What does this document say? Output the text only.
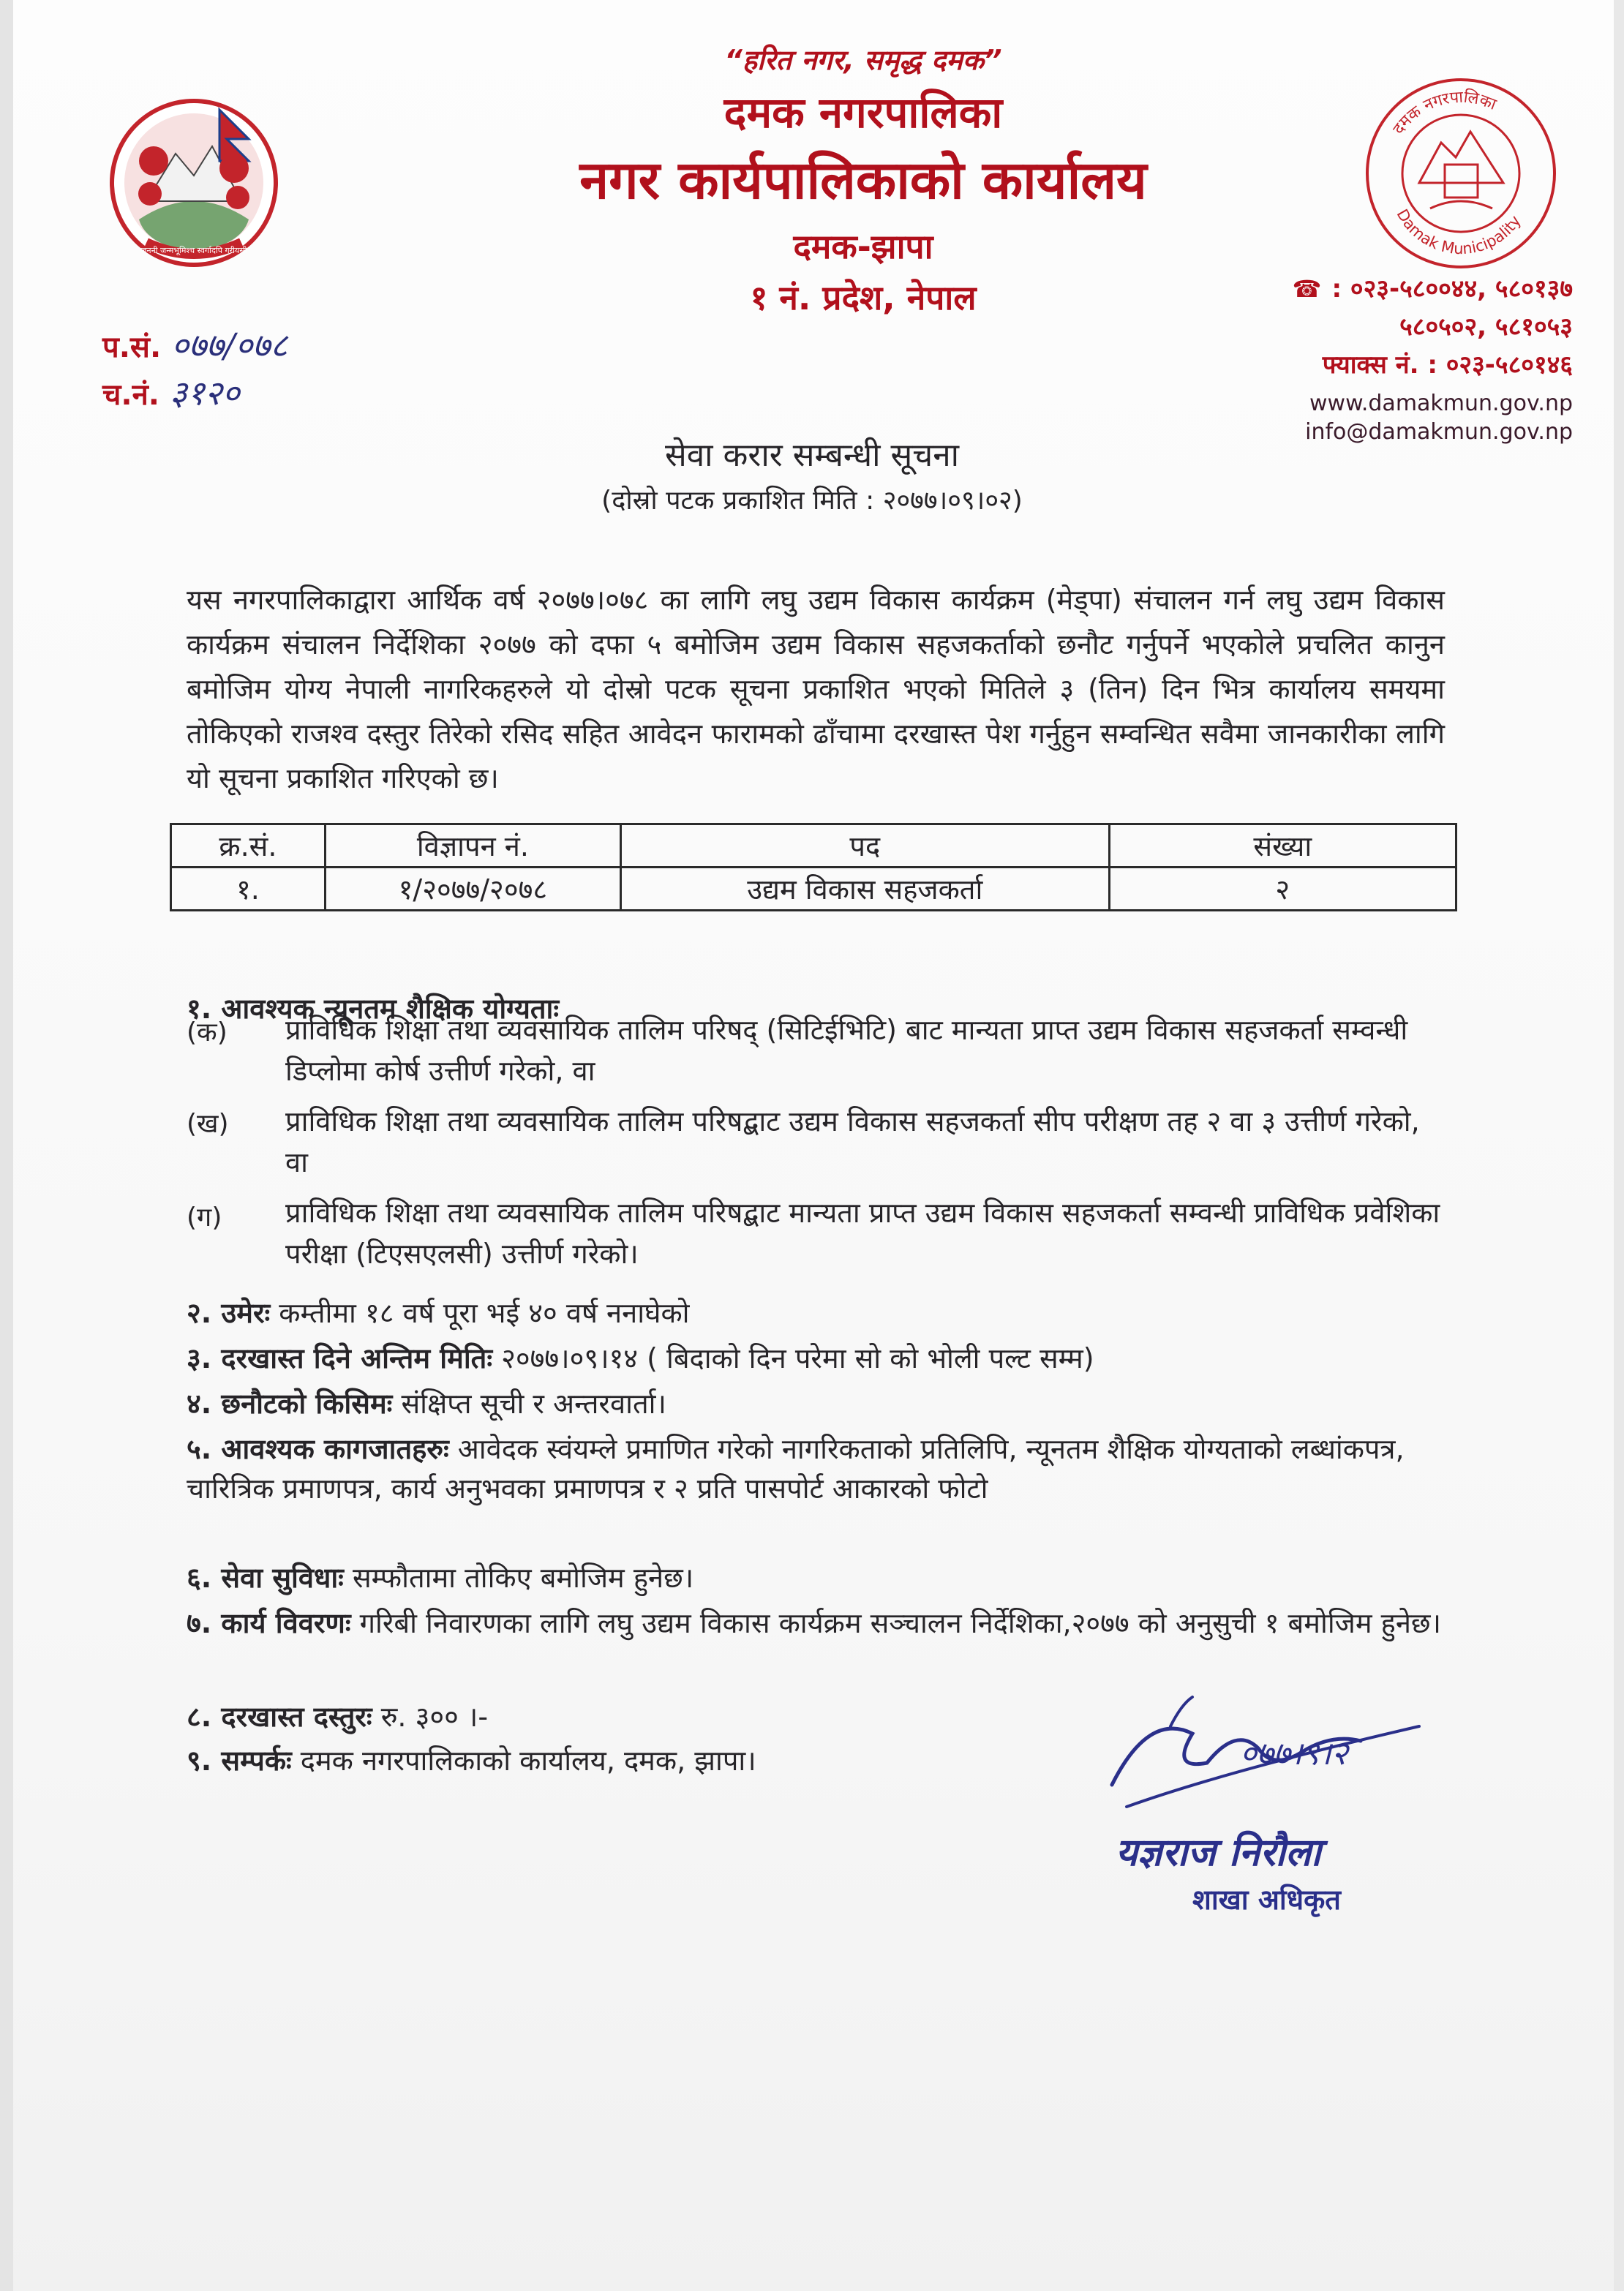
जननी जन्मभूमिश्च स्वर्गादपि गरीयसी
दमक नगरपालिका
Damak Municipality
“हरित नगर, समृद्ध दमक”
दमक नगरपालिका
नगर कार्यपालिकाको कार्यालय
दमक-झापा
१ नं. प्रदेश, नेपाल	☎ : ०२३-५८००४४, ५८०१३७
५८०५०२, ५८१०५३
फ्याक्स नं. : ०२३-५८०१४६
www.damakmun.gov.np
info@damakmun.gov.np
प.सं. ०७७/०७८
च.नं. ३१२०
सेवा करार सम्बन्धी सूचना
(दोस्रो पटक प्रकाशित मिति : २०७७।०९।०२)
यस नगरपालिकाद्वारा आर्थिक वर्ष २०७७।०७८ का लागि लघु उद्यम विकास कार्यक्रम (मेड्पा) संचालन गर्न लघु उद्यम विकास कार्यक्रम संचालन निर्देशिका २०७७ को दफा ५ बमोजिम उद्यम विकास सहजकर्ताको छनौट गर्नुपर्ने भएकोले प्रचलित कानुन बमोजिम योग्य नेपाली नागरिकहरुले यो दोस्रो पटक सूचना प्रकाशित भएको मितिले ३ (तिन) दिन भित्र कार्यालय समयमा तोकिएको राजश्व दस्तुर तिरेको रसिद सहित आवेदन फारामको ढाँचामा दरखास्त पेश गर्नुहुन सम्वन्धित सवैमा जानकारीका लागि यो सूचना प्रकाशित गरिएको छ।
क्र.सं.	विज्ञापन नं.	पद	संख्या
१.	१/२०७७/२०७८	उद्यम विकास सहजकर्ता	२
१. आवश्यक न्यूनतम शैक्षिक योग्यताः
(क) प्राविधिक शिक्षा तथा व्यवसायिक तालिम परिषद् (सिटिईभिटि) बाट मान्यता प्राप्त उद्यम विकास सहजकर्ता सम्वन्धी डिप्लोमा कोर्ष उत्तीर्ण गरेको, वा
(ख) प्राविधिक शिक्षा तथा व्यवसायिक तालिम परिषद्बाट उद्यम विकास सहजकर्ता सीप परीक्षण तह २ वा ३ उत्तीर्ण गरेको, वा
(ग) प्राविधिक शिक्षा तथा व्यवसायिक तालिम परिषद्बाट मान्यता प्राप्त उद्यम विकास सहजकर्ता सम्वन्धी प्राविधिक प्रवेशिका परीक्षा (टिएसएलसी) उत्तीर्ण गरेको।
२. उमेरः कम्तीमा १८ वर्ष पूरा भई ४० वर्ष ननाघेको
३. दरखास्त दिने अन्तिम मितिः २०७७।०९।१४ ( बिदाको दिन परेमा सो को भोली पल्ट सम्म)
४. छनौटको किसिमः संक्षिप्त सूची र अन्तरवार्ता।
५. आवश्यक कागजातहरुः आवेदक स्वंयम्ले प्रमाणित गरेको नागरिकताको प्रतिलिपि, न्यूनतम शैक्षिक योग्यताको लब्धांकपत्र, चारित्रिक प्रमाणपत्र, कार्य अनुभवका प्रमाणपत्र र २ प्रति पासपोर्ट आकारको फोटो
६. सेवा सुविधाः सम्फौतामा तोकिए बमोजिम हुनेछ।
७. कार्य विवरणः गरिबी निवारणका लागि लघु उद्यम विकास कार्यक्रम सञ्चालन निर्देशिका,२०७७ को अनुसुची १ बमोजिम हुनेछ।
८. दरखास्त दस्तुरः रु. ३०० ।-
९. सम्पर्कः दमक नगरपालिकाको कार्यालय, दमक, झापा।	०७७।९।२
यज्ञराज निरौला
शाखा अधिकृत
